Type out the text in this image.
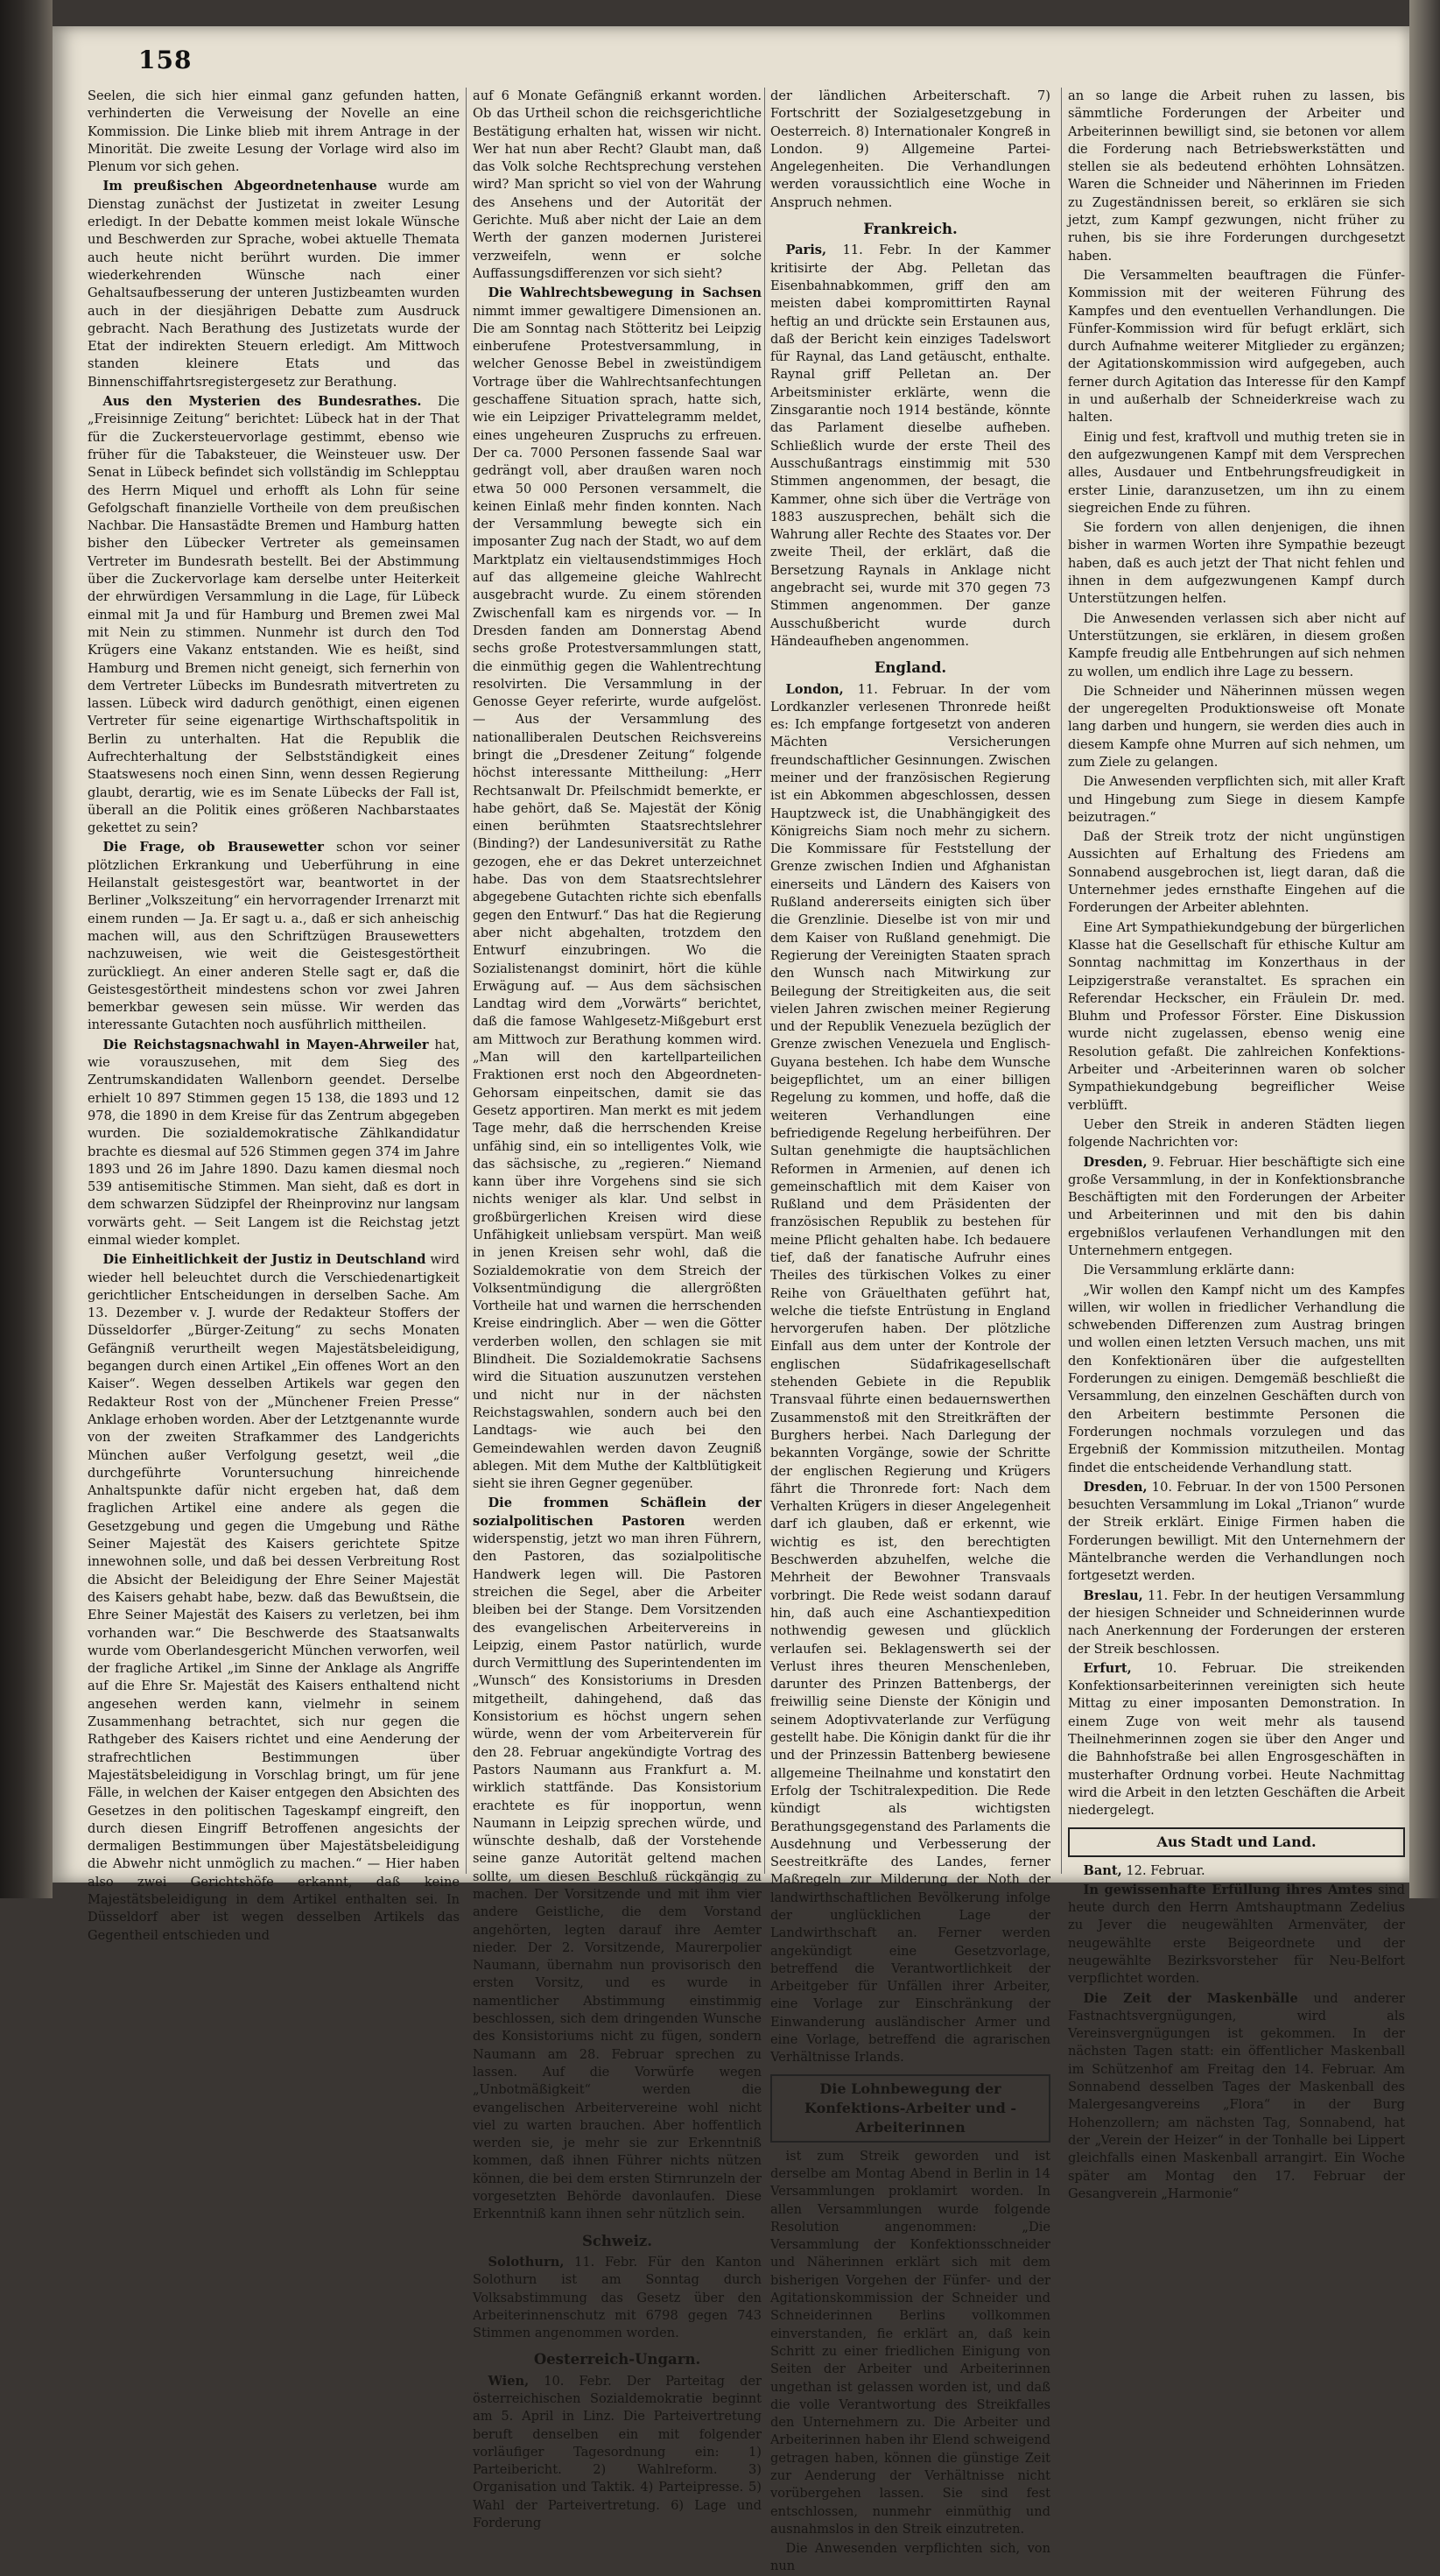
158

Seelen, die sich hier einmal ganz gefunden hatten, verhinderten die Verweisung der Novelle an eine Kommission. Die Linke blieb mit ihrem Antrage in der Minorität. Die zweite Lesung der Vorlage wird also im Plenum vor sich gehen.

Im preußischen Abgeordnetenhause wurde am Dienstag zunächst der Justizetat in zweiter Lesung erledigt. In der Debatte kommen meist lokale Wünsche und Beschwerden zur Sprache, wobei aktuelle Themata auch heute nicht berührt wurden. Die immer wiederkehrenden Wünsche nach einer Gehaltsaufbesserung der unteren Justizbeamten wurden auch in der diesjährigen Debatte zum Ausdruck gebracht. Nach Berathung des Justizetats wurde der Etat der indirekten Steuern erledigt. Am Mittwoch standen kleinere Etats und das Binnenschiffahrtsregistergesetz zur Berathung.

Aus den Mysterien des Bundesrathes. Die „Freisinnige Zeitung“ berichtet: Lübeck hat in der That für die Zuckersteuervorlage gestimmt, ebenso wie früher für die Tabaksteuer, die Weinsteuer usw. Der Senat in Lübeck befindet sich vollständig im Schlepptau des Herrn Miquel und erhofft als Lohn für seine Gefolgschaft finanzielle Vortheile von dem preußischen Nachbar. Die Hansastädte Bremen und Hamburg hatten bisher den Lübecker Vertreter als gemeinsamen Vertreter im Bundesrath bestellt. Bei der Abstimmung über die Zuckervorlage kam derselbe unter Heiterkeit der ehrwürdigen Versammlung in die Lage, für Lübeck einmal mit Ja und für Hamburg und Bremen zwei Mal mit Nein zu stimmen. Nunmehr ist durch den Tod Krügers eine Vakanz entstanden. Wie es heißt, sind Hamburg und Bremen nicht geneigt, sich fernerhin von dem Vertreter Lübecks im Bundesrath mitvertreten zu lassen. Lübeck wird dadurch genöthigt, einen eigenen Vertreter für seine eigenartige Wirthschaftspolitik in Berlin zu unterhalten. Hat die Republik die Aufrechterhaltung der Selbstständigkeit eines Staatswesens noch einen Sinn, wenn dessen Regierung glaubt, derartig, wie es im Senate Lübecks der Fall ist, überall an die Politik eines größeren Nachbarstaates gekettet zu sein?

Die Frage, ob Brausewetter schon vor seiner plötzlichen Erkrankung und Ueberführung in eine Heilanstalt geistesgestört war, beantwortet in der Berliner „Volkszeitung“ ein hervorragender Irrenarzt mit einem runden — Ja. Er sagt u. a., daß er sich anheischig machen will, aus den Schriftzügen Brausewetters nachzuweisen, wie weit die Geistesgestörtheit zurückliegt. An einer anderen Stelle sagt er, daß die Geistesgestörtheit mindestens schon vor zwei Jahren bemerkbar gewesen sein müsse. Wir werden das interessante Gutachten noch ausführlich mittheilen.

Die Reichstagsnachwahl in Mayen-Ahrweiler hat, wie vorauszusehen, mit dem Sieg des Zentrumskandidaten Wallenborn geendet. Derselbe erhielt 10 897 Stimmen gegen 15 138, die 1893 und 12 978, die 1890 in dem Kreise für das Zentrum abgegeben wurden. Die sozialdemokratische Zählkandidatur brachte es diesmal auf 526 Stimmen gegen 374 im Jahre 1893 und 26 im Jahre 1890. Dazu kamen diesmal noch 539 antisemitische Stimmen. Man sieht, daß es dort in dem schwarzen Südzipfel der Rheinprovinz nur langsam vorwärts geht. — Seit Langem ist die Reichstag jetzt einmal wieder komplet.

Die Einheitlichkeit der Justiz in Deutschland wird wieder hell beleuchtet durch die Verschiedenartigkeit gerichtlicher Entscheidungen in derselben Sache. Am 13. Dezember v. J. wurde der Redakteur Stoffers der Düsseldorfer „Bürger-Zeitung“ zu sechs Monaten Gefängniß verurtheilt wegen Majestätsbeleidigung, begangen durch einen Artikel „Ein offenes Wort an den Kaiser“. Wegen desselben Artikels war gegen den Redakteur Rost von der „Münchener Freien Presse“ Anklage erhoben worden. Aber der Letztgenannte wurde von der zweiten Strafkammer des Landgerichts München außer Verfolgung gesetzt, weil „die durchgeführte Voruntersuchung hinreichende Anhaltspunkte dafür nicht ergeben hat, daß dem fraglichen Artikel eine andere als gegen die Gesetzgebung und gegen die Umgebung und Räthe Seiner Majestät des Kaisers gerichtete Spitze innewohnen solle, und daß bei dessen Verbreitung Rost die Absicht der Beleidigung der Ehre Seiner Majestät des Kaisers gehabt habe, bezw. daß das Bewußtsein, die Ehre Seiner Majestät des Kaisers zu verletzen, bei ihm vorhanden war.“ Die Beschwerde des Staatsanwalts wurde vom Oberlandesgericht München verworfen, weil der fragliche Artikel „im Sinne der Anklage als Angriffe auf die Ehre Sr. Majestät des Kaisers enthaltend nicht angesehen werden kann, vielmehr in seinem Zusammenhang betrachtet, sich nur gegen die Rathgeber des Kaisers richtet und eine Aenderung der strafrechtlichen Bestimmungen über Majestätsbeleidigung in Vorschlag bringt, um für jene Fälle, in welchen der Kaiser entgegen den Absichten des Gesetzes in den politischen Tageskampf eingreift, den durch diesen Eingriff Betroffenen angesichts der dermaligen Bestimmungen über Majestätsbeleidigung die Abwehr nicht unmöglich zu machen.“ — Hier haben also zwei Gerichtshöfe erkannt, daß keine Majestätsbeleidigung in dem Artikel enthalten sei. In Düsseldorf aber ist wegen desselben Artikels das Gegentheil entschieden und

auf 6 Monate Gefängniß erkannt worden. Ob das Urtheil schon die reichsgerichtliche Bestätigung erhalten hat, wissen wir nicht. Wer hat nun aber Recht? Glaubt man, daß das Volk solche Rechtsprechung verstehen wird? Man spricht so viel von der Wahrung des Ansehens und der Autorität der Gerichte. Muß aber nicht der Laie an dem Werth der ganzen modernen Juristerei verzweifeln, wenn er solche Auffassungsdifferenzen vor sich sieht?

Die Wahlrechtsbewegung in Sachsen nimmt immer gewaltigere Dimensionen an. Die am Sonntag nach Stötteritz bei Leipzig einberufene Protestversammlung, in welcher Genosse Bebel in zweistündigem Vortrage über die Wahlrechtsanfechtungen geschaffene Situation sprach, hatte sich, wie ein Leipziger Privattelegramm meldet, eines ungeheuren Zuspruchs zu erfreuen. Der ca. 7000 Personen fassende Saal war gedrängt voll, aber draußen waren noch etwa 50 000 Personen versammelt, die keinen Einlaß mehr finden konnten. Nach der Versammlung bewegte sich ein imposanter Zug nach der Stadt, wo auf dem Marktplatz ein vieltausendstimmiges Hoch auf das allgemeine gleiche Wahlrecht ausgebracht wurde. Zu einem störenden Zwischenfall kam es nirgends vor. — In Dresden fanden am Donnerstag Abend sechs große Protestversammlungen statt, die einmüthig gegen die Wahlentrechtung resolvirten. Die Versammlung in der Genosse Geyer referirte, wurde aufgelöst. — Aus der Versammlung des nationalliberalen Deutschen Reichsvereins bringt die „Dresdener Zeitung“ folgende höchst interessante Mittheilung: „Herr Rechtsanwalt Dr. Pfeilschmidt bemerkte, er habe gehört, daß Se. Majestät der König einen berühmten Staatsrechtslehrer (Binding?) der Landesuniversität zu Rathe gezogen, ehe er das Dekret unterzeichnet habe. Das von dem Staatsrechtslehrer abgegebene Gutachten richte sich ebenfalls gegen den Entwurf.“ Das hat die Regierung aber nicht abgehalten, trotzdem den Entwurf einzubringen. Wo die Sozialistenangst dominirt, hört die kühle Erwägung auf. — Aus dem sächsischen Landtag wird dem „Vorwärts“ berichtet, daß die famose Wahlgesetz-Mißgeburt erst am Mittwoch zur Berathung kommen wird. „Man will den kartellparteilichen Fraktionen erst noch den Abgeordneten-Gehorsam einpeitschen, damit sie das Gesetz apportiren. Man merkt es mit jedem Tage mehr, daß die herrschenden Kreise unfähig sind, ein so intelligentes Volk, wie das sächsische, zu „regieren.“ Niemand kann über ihre Vorgehens sind sie sich nichts weniger als klar. Und selbst in großbürgerlichen Kreisen wird diese Unfähigkeit unliebsam verspürt. Man weiß in jenen Kreisen sehr wohl, daß die Sozialdemokratie von dem Streich der Volksentmündigung die allergrößten Vortheile hat und warnen die herrschenden Kreise eindringlich. Aber — wen die Götter verderben wollen, den schlagen sie mit Blindheit. Die Sozialdemokratie Sachsens wird die Situation auszunutzen verstehen und nicht nur in der nächsten Reichstagswahlen, sondern auch bei den Landtags- wie auch bei den Gemeindewahlen werden davon Zeugniß ablegen. Mit dem Muthe der Kaltblütigkeit sieht sie ihren Gegner gegenüber.

Die frommen Schäflein der sozialpolitischen Pastoren werden widerspenstig, jetzt wo man ihren Führern, den Pastoren, das sozialpolitische Handwerk legen will. Die Pastoren streichen die Segel, aber die Arbeiter bleiben bei der Stange. Dem Vorsitzenden des evangelischen Arbeitervereins in Leipzig, einem Pastor natürlich, wurde durch Vermittlung des Superintendenten im „Wunsch“ des Konsistoriums in Dresden mitgetheilt, dahingehend, daß das Konsistorium es höchst ungern sehen würde, wenn der vom Arbeiterverein für den 28. Februar angekündigte Vortrag des Pastors Naumann aus Frankfurt a. M. wirklich stattfände. Das Konsistorium erachtete es für inopportun, wenn Naumann in Leipzig sprechen würde, und wünschte deshalb, daß der Vorstehende seine ganze Autorität geltend machen sollte, um diesen Beschluß rückgängig zu machen. Der Vorsitzende und mit ihm vier andere Geistliche, die dem Vorstand angehörten, legten darauf ihre Aemter nieder. Der 2. Vorsitzende, Maurerpolier Naumann, übernahm nun provisorisch den ersten Vorsitz, und es wurde in namentlicher Abstimmung einstimmig beschlossen, sich dem dringenden Wunsche des Konsistoriums nicht zu fügen, sondern Naumann am 28. Februar sprechen zu lassen. Auf die Vorwürfe wegen „Unbotmäßigkeit“ werden die evangelischen Arbeitervereine wohl nicht viel zu warten brauchen. Aber hoffentlich werden sie, je mehr sie zur Erkenntniß kommen, daß ihnen Führer nichts nützen können, die bei dem ersten Stirnrunzeln der vorgesetzten Behörde davonlaufen. Diese Erkenntniß kann ihnen sehr nützlich sein.

Schweiz.

Solothurn, 11. Febr. Für den Kanton Solothurn ist am Sonntag durch Volksabstimmung das Gesetz über den Arbeiterinnenschutz mit 6798 gegen 743 Stimmen angenommen worden.

Oesterreich-Ungarn.

Wien, 10. Febr. Der Parteitag der österreichischen Sozialdemokratie beginnt am 5. April in Linz. Die Parteivertretung beruft denselben ein mit folgender vorläufiger Tagesordnung ein: 1) Parteibericht. 2) Wahlreform. 3) Organisation und Taktik. 4) Parteipresse. 5) Wahl der Parteivertretung. 6) Lage und Forderung

der ländlichen Arbeiterschaft. 7) Fortschritt der Sozialgesetzgebung in Oesterreich. 8) Internationaler Kongreß in London. 9) Allgemeine Partei-Angelegenheiten. Die Verhandlungen werden voraussichtlich eine Woche in Anspruch nehmen.

Frankreich.

Paris, 11. Febr. In der Kammer kritisirte der Abg. Pelletan das Eisenbahnabkommen, griff den am meisten dabei kompromittirten Raynal heftig an und drückte sein Erstaunen aus, daß der Bericht kein einziges Tadelswort für Raynal, das Land getäuscht, enthalte. Raynal griff Pelletan an. Der Arbeitsminister erklärte, wenn die Zinsgarantie noch 1914 bestände, könnte das Parlament dieselbe aufheben. Schließlich wurde der erste Theil des Ausschußantrags einstimmig mit 530 Stimmen angenommen, der besagt, die Kammer, ohne sich über die Verträge von 1883 auszusprechen, behält sich die Wahrung aller Rechte des Staates vor. Der zweite Theil, der erklärt, daß die Bersetzung Raynals in Anklage nicht angebracht sei, wurde mit 370 gegen 73 Stimmen angenommen. Der ganze Ausschußbericht wurde durch Händeaufheben angenommen.

England.

London, 11. Februar. In der vom Lordkanzler verlesenen Thronrede heißt es: Ich empfange fortgesetzt von anderen Mächten Versicherungen freundschaftlicher Gesinnungen. Zwischen meiner und der französischen Regierung ist ein Abkommen abgeschlossen, dessen Hauptzweck ist, die Unabhängigkeit des Königreichs Siam noch mehr zu sichern. Die Kommissare für Feststellung der Grenze zwischen Indien und Afghanistan einerseits und Ländern des Kaisers von Rußland andererseits einigten sich über die Grenzlinie. Dieselbe ist von mir und dem Kaiser von Rußland genehmigt. Die Regierung der Vereinigten Staaten sprach den Wunsch nach Mitwirkung zur Beilegung der Streitigkeiten aus, die seit vielen Jahren zwischen meiner Regierung und der Republik Venezuela bezüglich der Grenze zwischen Venezuela und Englisch-Guyana bestehen. Ich habe dem Wunsche beigepflichtet, um an einer billigen Regelung zu kommen, und hoffe, daß die weiteren Verhandlungen eine befriedigende Regelung herbeiführen. Der Sultan genehmigte die hauptsächlichen Reformen in Armenien, auf denen ich gemeinschaftlich mit dem Kaiser von Rußland und dem Präsidenten der französischen Republik zu bestehen für meine Pflicht gehalten habe. Ich bedauere tief, daß der fanatische Aufruhr eines Theiles des türkischen Volkes zu einer Reihe von Gräuelthaten geführt hat, welche die tiefste Entrüstung in England hervorgerufen haben. Der plötzliche Einfall aus dem unter der Kontrole der englischen Südafrikagesellschaft stehenden Gebiete in die Republik Transvaal führte einen bedauernswerthen Zusammenstoß mit den Streitkräften der Burghers herbei. Nach Darlegung der bekannten Vorgänge, sowie der Schritte der englischen Regierung und Krügers fährt die Thronrede fort: Nach dem Verhalten Krügers in dieser Angelegenheit darf ich glauben, daß er erkennt, wie wichtig es ist, den berechtigten Beschwerden abzuhelfen, welche die Mehrheit der Bewohner Transvaals vorbringt. Die Rede weist sodann darauf hin, daß auch eine Aschantiexpedition nothwendig gewesen und glücklich verlaufen sei. Beklagenswerth sei der Verlust ihres theuren Menschenleben, darunter des Prinzen Battenbergs, der freiwillig seine Dienste der Königin und seinem Adoptivvaterlande zur Verfügung gestellt habe. Die Königin dankt für die ihr und der Prinzessin Battenberg bewiesene allgemeine Theilnahme und konstatirt den Erfolg der Tschitralexpedition. Die Rede kündigt als wichtigsten Berathungsgegenstand des Parlaments die Ausdehnung und Verbesserung der Seestreitkräfte des Landes, ferner Maßregeln zur Milderung der Noth der landwirthschaftlichen Bevölkerung infolge der unglücklichen Lage der Landwirthschaft an. Ferner werden angekündigt eine Gesetzvorlage, betreffend die Verantwortlichkeit der Arbeitgeber für Unfällen ihrer Arbeiter, eine Vorlage zur Einschränkung der Einwanderung ausländischer Armer und eine Vorlage, betreffend die agrarischen Verhältnisse Irlands.

Die Lohnbewegung der Konfektions-Arbeiter und -Arbeiterinnen

ist zum Streik geworden und ist derselbe am Montag Abend in Berlin in 14 Versammlungen proklamirt worden. In allen Versammlungen wurde folgende Resolution angenommen: „Die Versammlung der Konfektionsschneider und Näherinnen erklärt sich mit dem bisherigen Vorgehen der Fünfer- und der Agitationskommission der Schneider und Schneiderinnen Berlins vollkommen einverstanden, fie erklärt an, daß kein Schritt zu einer friedlichen Einigung von Seiten der Arbeiter und Arbeiterinnen ungethan ist gelassen worden ist, und daß die volle Verantwortung des Streikfalles den Unternehmern zu. Die Arbeiter und Arbeiterinnen haben ihr Elend schweigend getragen haben, können die günstige Zeit zur Aenderung der Verhältnisse nicht vorübergehen lassen. Sie sind fest entschlossen, nunmehr einmüthig und ausnahmslos in den Streik einzutreten.

Die Anwesenden verpflichten sich, von nun

an so lange die Arbeit ruhen zu lassen, bis sämmtliche Forderungen der Arbeiter und Arbeiterinnen bewilligt sind, sie betonen vor allem die Forderung nach Betriebswerkstätten und stellen sie als bedeutend erhöhten Lohnsätzen. Waren die Schneider und Näherinnen im Frieden zu Zugeständnissen bereit, so erklären sie sich jetzt, zum Kampf gezwungen, nicht früher zu ruhen, bis sie ihre Forderungen durchgesetzt haben.

Die Versammelten beauftragen die Fünfer-Kommission mit der weiteren Führung des Kampfes und den eventuellen Verhandlungen. Die Fünfer-Kommission wird für befugt erklärt, sich durch Aufnahme weiterer Mitglieder zu ergänzen; der Agitationskommission wird aufgegeben, auch ferner durch Agitation das Interesse für den Kampf in und außerhalb der Schneiderkreise wach zu halten.

Einig und fest, kraftvoll und muthig treten sie in den aufgezwungenen Kampf mit dem Versprechen alles, Ausdauer und Entbehrungsfreudigkeit in erster Linie, daranzusetzen, um ihn zu einem siegreichen Ende zu führen.

Sie fordern von allen denjenigen, die ihnen bisher in warmen Worten ihre Sympathie bezeugt haben, daß es auch jetzt der That nicht fehlen und ihnen in dem aufgezwungenen Kampf durch Unterstützungen helfen.

Die Anwesenden verlassen sich aber nicht auf Unterstützungen, sie erklären, in diesem großen Kampfe freudig alle Entbehrungen auf sich nehmen zu wollen, um endlich ihre Lage zu bessern.

Die Schneider und Näherinnen müssen wegen der ungeregelten Produktionsweise oft Monate lang darben und hungern, sie werden dies auch in diesem Kampfe ohne Murren auf sich nehmen, um zum Ziele zu gelangen.

Die Anwesenden verpflichten sich, mit aller Kraft und Hingebung zum Siege in diesem Kampfe beizutragen.“

Daß der Streik trotz der nicht ungünstigen Aussichten auf Erhaltung des Friedens am Sonnabend ausgebrochen ist, liegt daran, daß die Unternehmer jedes ernsthafte Eingehen auf die Forderungen der Arbeiter ablehnten.

Eine Art Sympathiekundgebung der bürgerlichen Klasse hat die Gesellschaft für ethische Kultur am Sonntag nachmittag im Konzerthaus in der Leipzigerstraße veranstaltet. Es sprachen ein Referendar Heckscher, ein Fräulein Dr. med. Bluhm und Professor Förster. Eine Diskussion wurde nicht zugelassen, ebenso wenig eine Resolution gefaßt. Die zahlreichen Konfektions-Arbeiter und -Arbeiterinnen waren ob solcher Sympathiekundgebung begreiflicher Weise verblüfft.

Ueber den Streik in anderen Städten liegen folgende Nachrichten vor:

Dresden, 9. Februar. Hier beschäftigte sich eine große Versammlung, in der in Konfektionsbranche Beschäftigten mit den Forderungen der Arbeiter und Arbeiterinnen und mit den bis dahin ergebnißlos verlaufenen Verhandlungen mit den Unternehmern entgegen.

Die Versammlung erklärte dann:

„Wir wollen den Kampf nicht um des Kampfes willen, wir wollen in friedlicher Verhandlung die schwebenden Differenzen zum Austrag bringen und wollen einen letzten Versuch machen, uns mit den Konfektionären über die aufgestellten Forderungen zu einigen. Demgemäß beschließt die Versammlung, den einzelnen Geschäften durch von den Arbeitern bestimmte Personen die Forderungen nochmals vorzulegen und das Ergebniß der Kommission mitzutheilen. Montag findet die entscheidende Verhandlung statt.

Dresden, 10. Februar. In der von 1500 Personen besuchten Versammlung im Lokal „Trianon“ wurde der Streik erklärt. Einige Firmen haben die Forderungen bewilligt. Mit den Unternehmern der Mäntelbranche werden die Verhandlungen noch fortgesetzt werden.

Breslau, 11. Febr. In der heutigen Versammlung der hiesigen Schneider und Schneiderinnen wurde nach Anerkennung der Forderungen der ersteren der Streik beschlossen.

Erfurt, 10. Februar. Die streikenden Konfektionsarbeiterinnen vereinigten sich heute Mittag zu einer imposanten Demonstration. In einem Zuge von weit mehr als tausend Theilnehmerinnen zogen sie über den Anger und die Bahnhofstraße bei allen Engrosgeschäften in musterhafter Ordnung vorbei. Heute Nachmittag wird die Arbeit in den letzten Geschäften die Arbeit niedergelegt.

Aus Stadt und Land.

Bant, 12. Februar.

In gewissenhafte Erfüllung ihres Amtes sind heute durch den Herrn Amtshauptmann Zedelius zu Jever die neugewählten Armenväter, der neugewählte erste Beigeordnete und der neugewählte Bezirksvorsteher für Neu-Belfort verpflichtet worden.

Die Zeit der Maskenbälle und anderer Fastnachtsvergnügungen, wird als Vereinsvergnügungen ist gekommen. In der nächsten Tagen statt: ein öffentlicher Maskenball im Schützenhof am Freitag den 14. Februar. Am Sonnabend desselben Tages der Maskenball des Malergesangvereins „Flora“ in der Burg Hohenzollern; am nächsten Tag, Sonnabend, hat der „Verein der Heizer“ in der Tonhalle bei Lippert gleichfalls einen Maskenball arrangirt. Ein Woche später am Montag den 17. Februar der Gesangverein „Harmonie“
